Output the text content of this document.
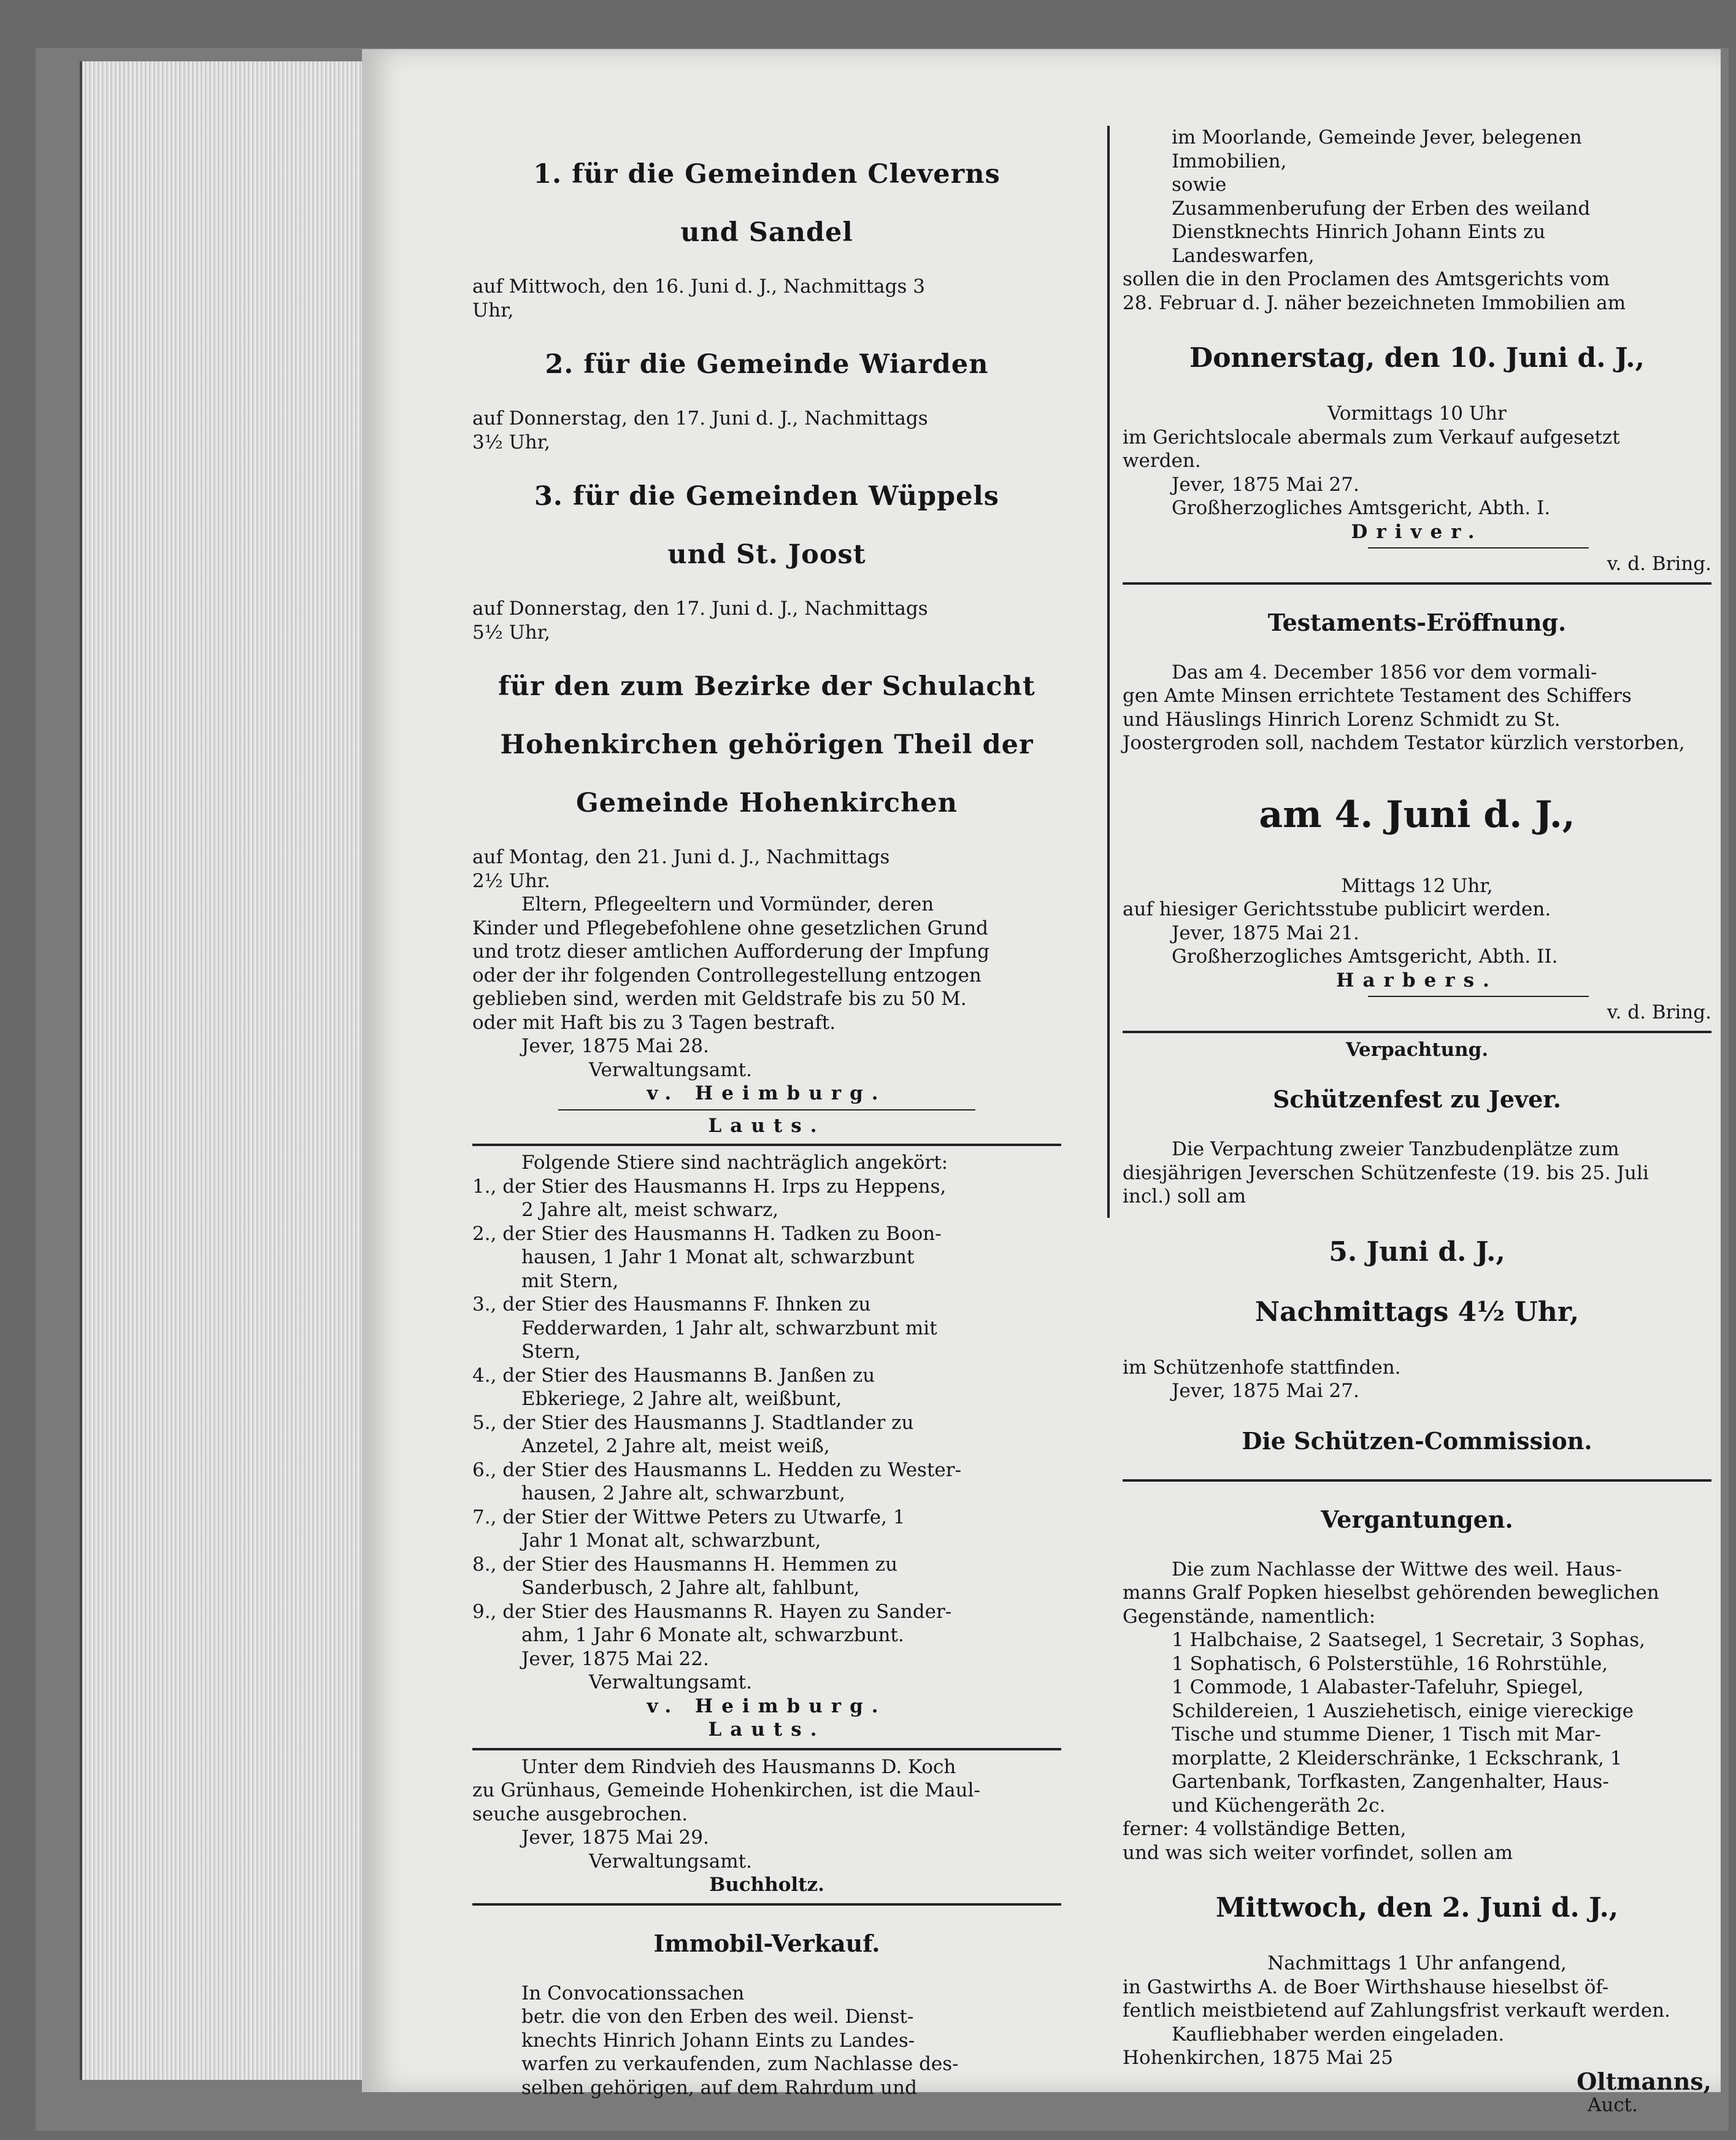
1. für die Gemeinden Cleverns

und Sandel

auf Mittwoch, den 16. Juni d. J., Nachmittags 3

Uhr,

2. für die Gemeinde Wiarden

auf Donnerstag, den 17. Juni d. J., Nachmittags

3½ Uhr,

3. für die Gemeinden Wüppels

und St. Joost

auf Donnerstag, den 17. Juni d. J., Nachmittags

5½ Uhr,

für den zum Bezirke der Schulacht

Hohenkirchen gehörigen Theil der

Gemeinde Hohenkirchen

auf Montag, den 21. Juni d. J., Nachmittags

2½ Uhr.

Eltern, Pflegeeltern und Vormünder, deren

Kinder und Pflegebefohlene ohne gesetzlichen Grund

und trotz dieser amtlichen Aufforderung der Impfung

oder der ihr folgenden Controllegestellung entzogen

geblieben sind, werden mit Geldstrafe bis zu 50 M.

oder mit Haft bis zu 3 Tagen bestraft.

Jever, 1875 Mai 28.

Verwaltungsamt.

v. Heimburg.

Lauts.

Folgende Stiere sind nachträglich angekört:

1., der Stier des Hausmanns H. Irps zu Heppens,

2 Jahre alt, meist schwarz,

2., der Stier des Hausmanns H. Tadken zu Boon-

hausen, 1 Jahr 1 Monat alt, schwarzbunt

mit Stern,

3., der Stier des Hausmanns F. Ihnken zu

Fedderwarden, 1 Jahr alt, schwarzbunt mit

Stern,

4., der Stier des Hausmanns B. Janßen zu

Ebkeriege, 2 Jahre alt, weißbunt,

5., der Stier des Hausmanns J. Stadtlander zu

Anzetel, 2 Jahre alt, meist weiß,

6., der Stier des Hausmanns L. Hedden zu Wester-

hausen, 2 Jahre alt, schwarzbunt,

7., der Stier der Wittwe Peters zu Utwarfe, 1

Jahr 1 Monat alt, schwarzbunt,

8., der Stier des Hausmanns H. Hemmen zu

Sanderbusch, 2 Jahre alt, fahlbunt,

9., der Stier des Hausmanns R. Hayen zu Sander-

ahm, 1 Jahr 6 Monate alt, schwarzbunt.

Jever, 1875 Mai 22.

Verwaltungsamt.

v. Heimburg.

Lauts.

Unter dem Rindvieh des Hausmanns D. Koch

zu Grünhaus, Gemeinde Hohenkirchen, ist die Maul-

seuche ausgebrochen.

Jever, 1875 Mai 29.

Verwaltungsamt.

Buchholtz.

Immobil-Verkauf.

In Convocationssachen

betr. die von den Erben des weil. Dienst-

knechts Hinrich Johann Eints zu Landes-

warfen zu verkaufenden, zum Nachlasse des-

selben gehörigen, auf dem Rahrdum und

im Moorlande, Gemeinde Jever, belegenen

Immobilien,

sowie

Zusammenberufung der Erben des weiland

Dienstknechts Hinrich Johann Eints zu

Landeswarfen,

sollen die in den Proclamen des Amtsgerichts vom

28. Februar d. J. näher bezeichneten Immobilien am

Donnerstag, den 10. Juni d. J.,

Vormittags 10 Uhr

im Gerichtslocale abermals zum Verkauf aufgesetzt

werden.

Jever, 1875 Mai 27.

Großherzogliches Amtsgericht, Abth. I.

Driver.

v. d. Bring.

Testaments-Eröffnung.

Das am 4. December 1856 vor dem vormali-

gen Amte Minsen errichtete Testament des Schiffers

und Häuslings Hinrich Lorenz Schmidt zu St.

Joostergroden soll, nachdem Testator kürzlich verstorben,

am 4. Juni d. J.,

Mittags 12 Uhr,

auf hiesiger Gerichtsstube publicirt werden.

Jever, 1875 Mai 21.

Großherzogliches Amtsgericht, Abth. II.

Harbers.

v. d. Bring.

Verpachtung.

Schützenfest zu Jever.

Die Verpachtung zweier Tanzbudenplätze zum

diesjährigen Jeverschen Schützenfeste (19. bis 25. Juli

incl.) soll am

5. Juni d. J.,

Nachmittags 4½ Uhr,

im Schützenhofe stattfinden.

Jever, 1875 Mai 27.

Die Schützen-Commission.

Vergantungen.

Die zum Nachlasse der Wittwe des weil. Haus-

manns Gralf Popken hieselbst gehörenden beweglichen

Gegenstände, namentlich:

1 Halbchaise, 2 Saatsegel, 1 Secretair, 3 Sophas,

1 Sophatisch, 6 Polsterstühle, 16 Rohrstühle,

1 Commode, 1 Alabaster-Tafeluhr, Spiegel,

Schildereien, 1 Ausziehetisch, einige viereckige

Tische und stumme Diener, 1 Tisch mit Mar-

morplatte, 2 Kleiderschränke, 1 Eckschrank, 1

Gartenbank, Torfkasten, Zangenhalter, Haus-

und Küchengeräth 2c.

ferner: 4 vollständige Betten,

und was sich weiter vorfindet, sollen am

Mittwoch, den 2. Juni d. J.,

Nachmittags 1 Uhr anfangend,

in Gastwirths A. de Boer Wirthshause hieselbst öf-

fentlich meistbietend auf Zahlungsfrist verkauft werden.

Kaufliebhaber werden eingeladen.

Hohenkirchen, 1875 Mai 25

Oltmanns,

Auct.
